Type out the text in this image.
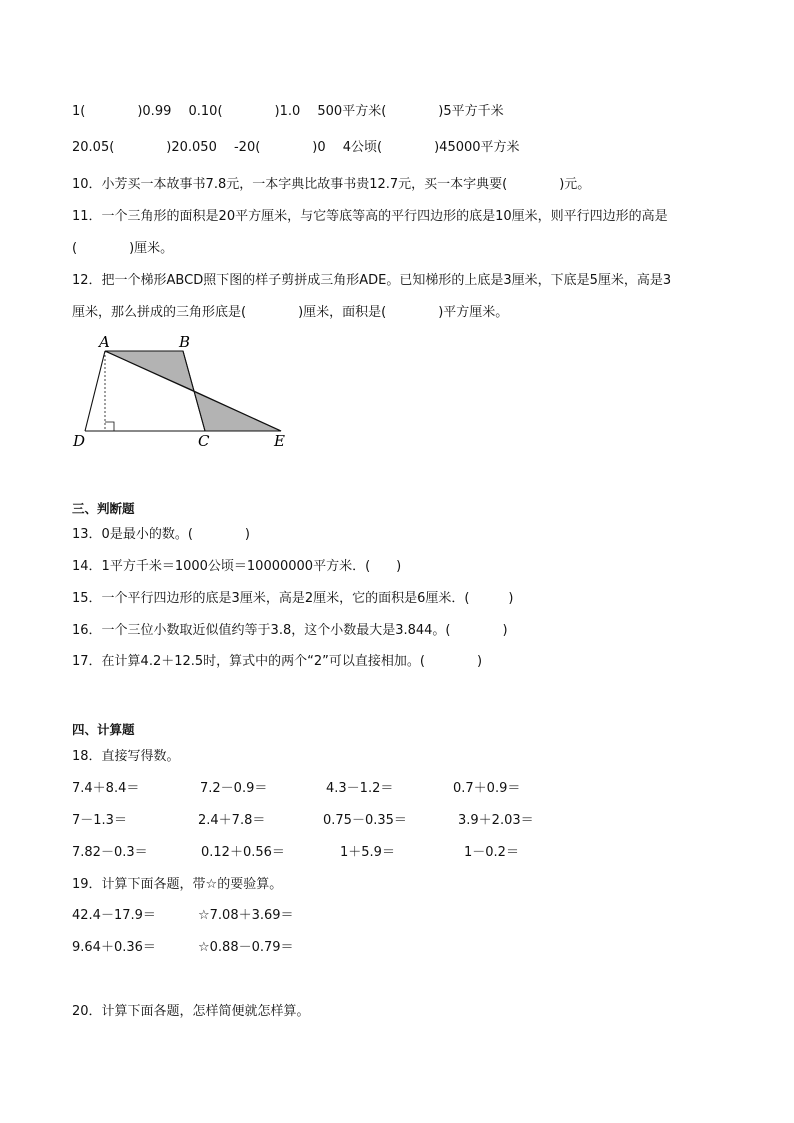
1(　　　　)0.99　 0.10(　　　　)1.0　 500平方米(　　　　)5平方千米
20.05(　　　　)20.050　 -20(　　　　)0　 4公顷(　　　　)45000平方米
10．小芳买一本故事书7.8元，一本字典比故事书贵12.7元，买一本字典要(　　　　)元。
11．一个三角形的面积是20平方厘米，与它等底等高的平行四边形的底是10厘米，则平行四边形的高是
(　　　　)厘米。
12．把一个梯形ABCD照下图的样子剪拼成三角形ADE。已知梯形的上底是3厘米，下底是5厘米，高是3
厘米，那么拼成的三角形底是(　　　　)厘米，面积是(　　　　)平方厘米。
A	B
C
D	E
三、判断题
13．0是最小的数。(　　　　)
14．1平方千米＝1000公顷＝10000000平方米．(　　)
15．一个平行四边形的底是3厘米，高是2厘米，它的面积是6厘米．(　　　)
16．一个三位小数取近似值约等于3.8，这个小数最大是3.844。(　　　　)
17．在计算4.2＋12.5时，算式中的两个“2”可以直接相加。(　　　　)
四、计算题
18．直接写得数。
7.4＋8.4＝	7.2－0.9＝	4.3－1.2＝	0.7＋0.9＝
7－1.3＝	2.4＋7.8＝	0.75－0.35＝	3.9＋2.03＝
7.82－0.3＝	0.12＋0.56＝	1＋5.9＝	1－0.2＝
19．计算下面各题，带☆的要验算。
42.4－17.9＝	☆7.08＋3.69＝
9.64＋0.36＝	☆0.88－0.79＝
20．计算下面各题，怎样简便就怎样算。
